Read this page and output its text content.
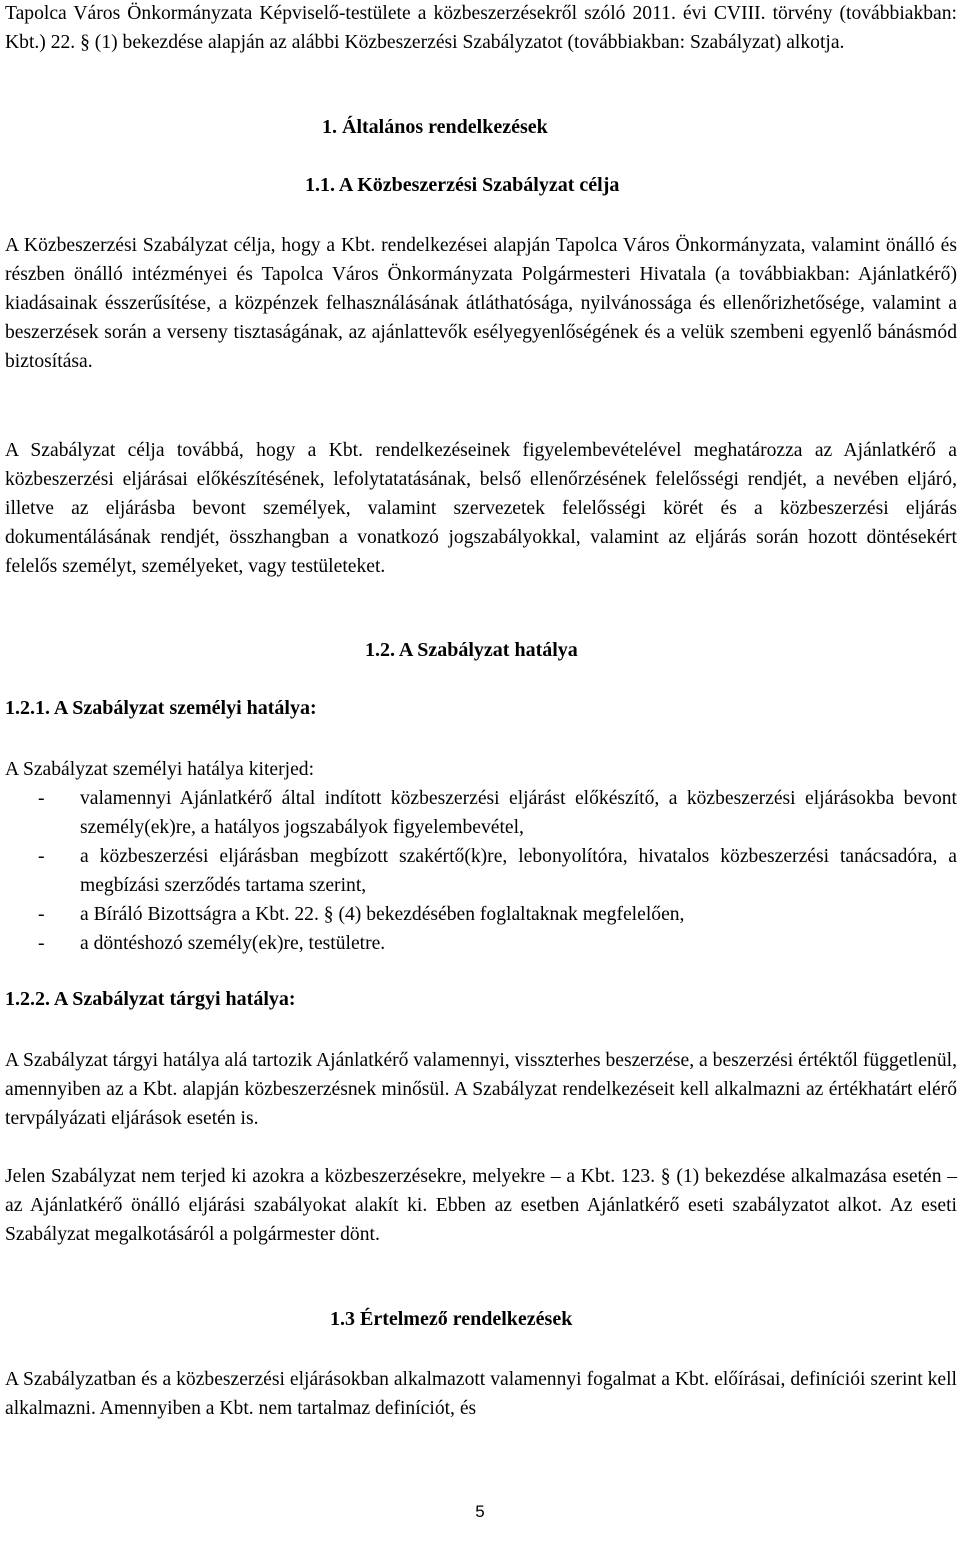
Tapolca Város Önkormányzata Képviselő-testülete a közbeszerzésekről szóló 2011. évi CVIII. törvény (továbbiakban: Kbt.) 22. § (1) bekezdése alapján az alábbi Közbeszerzési Szabályzatot (továbbiakban: Szabályzat) alkotja.

1. Általános rendelkezések
1.1. A Közbeszerzési Szabályzat célja

A Közbeszerzési Szabályzat célja, hogy a Kbt. rendelkezései alapján Tapolca Város Önkormányzata, valamint önálló és részben önálló intézményei és Tapolca Város Önkormányzata Polgármesteri Hivatala (a továbbiakban: Ajánlatkérő) kiadásainak ésszerűsítése, a közpénzek felhasználásának átláthatósága, nyilvánossága és ellenőrizhetősége, valamint a beszerzések során a verseny tisztaságának, az ajánlattevők esélyegyenlőségének és a velük szembeni egyenlő bánásmód biztosítása.

A Szabályzat célja továbbá, hogy a Kbt. rendelkezéseinek figyelembevételével meghatározza az Ajánlatkérő a közbeszerzési eljárásai előkészítésének, lefolytatatásának, belső ellenőrzésének felelősségi rendjét, a nevében eljáró, illetve az eljárásba bevont személyek, valamint szervezetek felelősségi körét és a közbeszerzési eljárás dokumentálásának rendjét, összhangban a vonatkozó jogszabályokkal, valamint az eljárás során hozott döntésekért felelős személyt, személyeket, vagy testületeket.

1.2. A Szabályzat hatálya
1.2.1. A Szabályzat személyi hatálya:

A Szabályzat személyi hatálya kiterjed:

- valamennyi Ajánlatkérő által indított közbeszerzési eljárást előkészítő, a közbeszerzési eljárásokba bevont személy(ek)re, a hatályos jogszabályok figyelembevétel,
- a közbeszerzési eljárásban megbízott szakértő(k)re, lebonyolítóra, hivatalos közbeszerzési tanácsadóra, a megbízási szerződés tartama szerint,
- a Bíráló Bizottságra a Kbt. 22. § (4) bekezdésében foglaltaknak megfelelően,
- a döntéshozó személy(ek)re, testületre.
1.2.2. A Szabályzat tárgyi hatálya:

A Szabályzat tárgyi hatálya alá tartozik Ajánlatkérő valamennyi, visszterhes beszerzése, a beszerzési értéktől függetlenül, amennyiben az a Kbt. alapján közbeszerzésnek minősül. A Szabályzat rendelkezéseit kell alkalmazni az értékhatárt elérő tervpályázati eljárások esetén is.

Jelen Szabályzat nem terjed ki azokra a közbeszerzésekre, melyekre – a Kbt. 123. § (1) bekezdése alkalmazása esetén – az Ajánlatkérő önálló eljárási szabályokat alakít ki. Ebben az esetben Ajánlatkérő eseti szabályzatot alkot. Az eseti Szabályzat megalkotásáról a polgármester dönt.

1.3 Értelmező rendelkezések

A Szabályzatban és a közbeszerzési eljárásokban alkalmazott valamennyi fogalmat a Kbt. előírásai, definíciói szerint kell alkalmazni. Amennyiben a Kbt. nem tartalmaz definíciót, és

5
